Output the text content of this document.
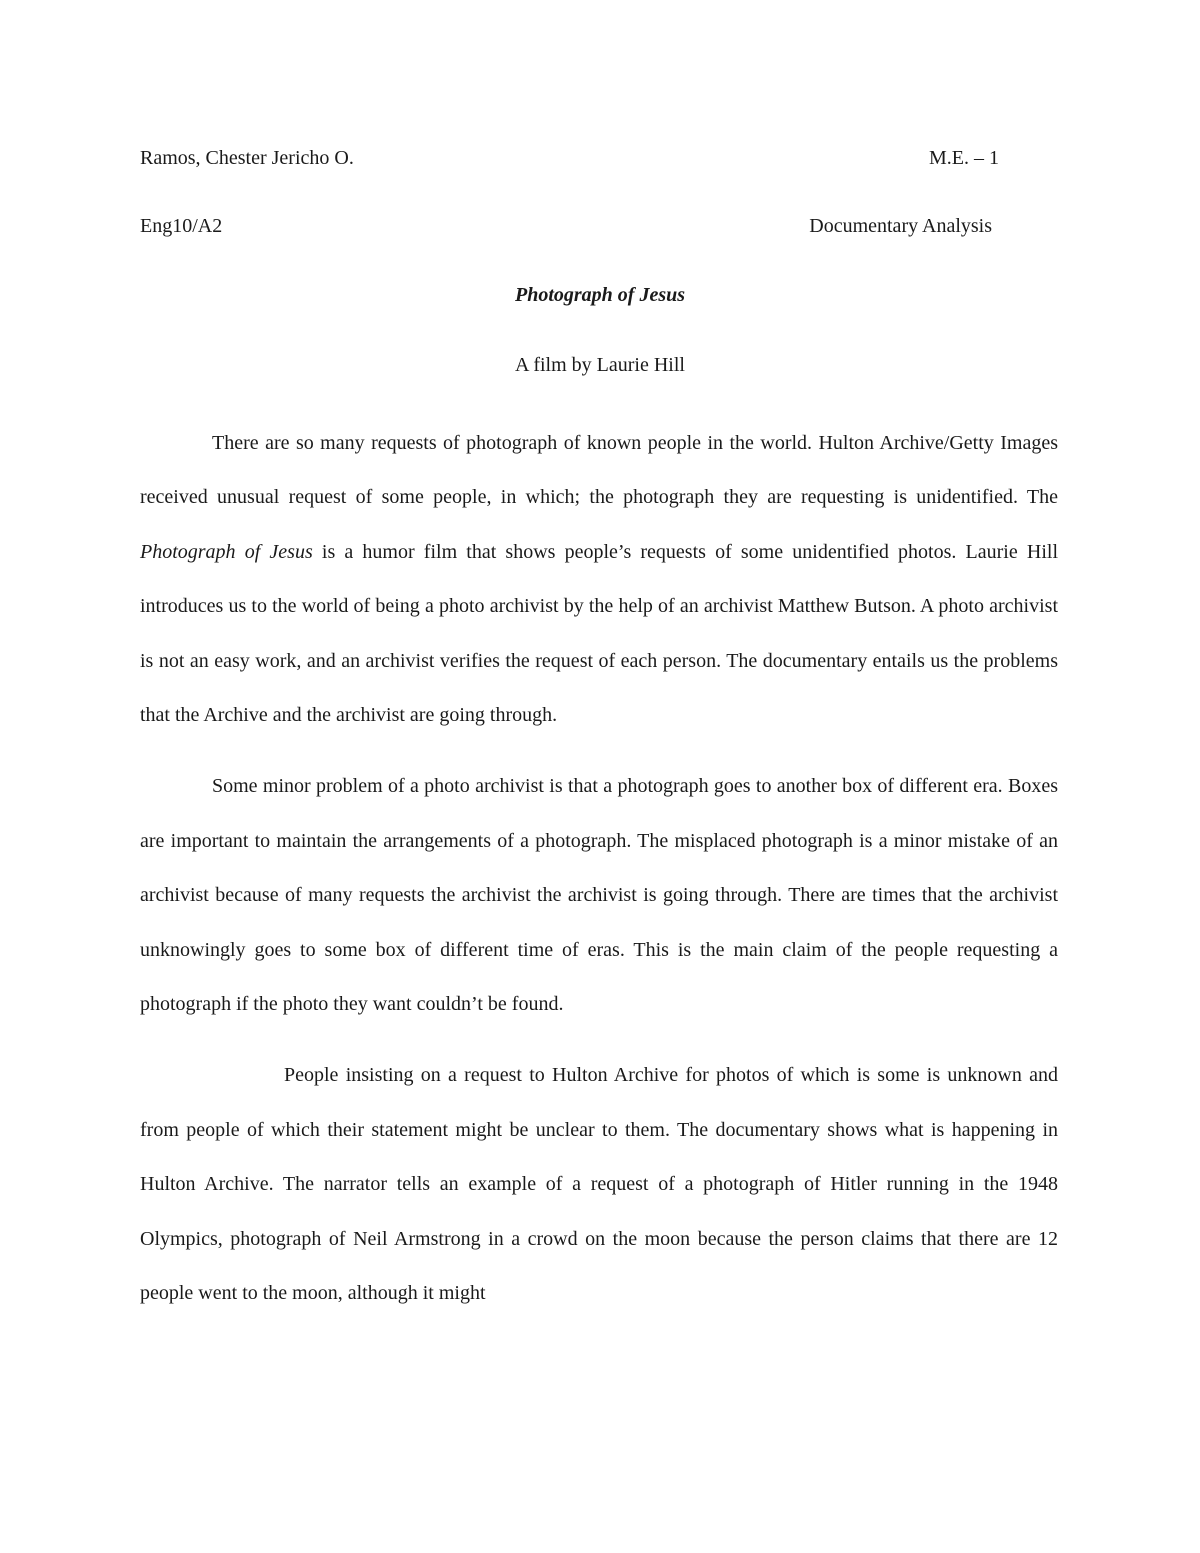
Ramos, Chester Jericho O.	M.E. – 1
Eng10/A2	Documentary Analysis
Photograph of Jesus
A film by Laurie Hill

There are so many requests of photograph of known people in the world. Hulton Archive/Getty Images received unusual request of some people, in which; the photograph they are requesting is unidentified. The Photograph of Jesus is a humor film that shows people’s requests of some unidentified photos. Laurie Hill introduces us to the world of being a photo archivist by the help of an archivist Matthew Butson. A photo archivist is not an easy work, and an archivist verifies the request of each person. The documentary entails us the problems that the Archive and the archivist are going through.

Some minor problem of a photo archivist is that a photograph goes to another box of different era. Boxes are important to maintain the arrangements of a photograph. The misplaced photograph is a minor mistake of an archivist because of many requests the archivist the archivist is going through. There are times that the archivist unknowingly goes to some box of different time of eras. This is the main claim of the people requesting a photograph if the photo they want couldn’t be found.

People insisting on a request to Hulton Archive for photos of which is some is unknown and from people of which their statement might be unclear to them. The documentary shows what is happening in Hulton Archive. The narrator tells an example of a request of a photograph of Hitler running in the 1948 Olympics, photograph of Neil Armstrong in a crowd on the moon because the person claims that there are 12 people went to the moon, although it might
